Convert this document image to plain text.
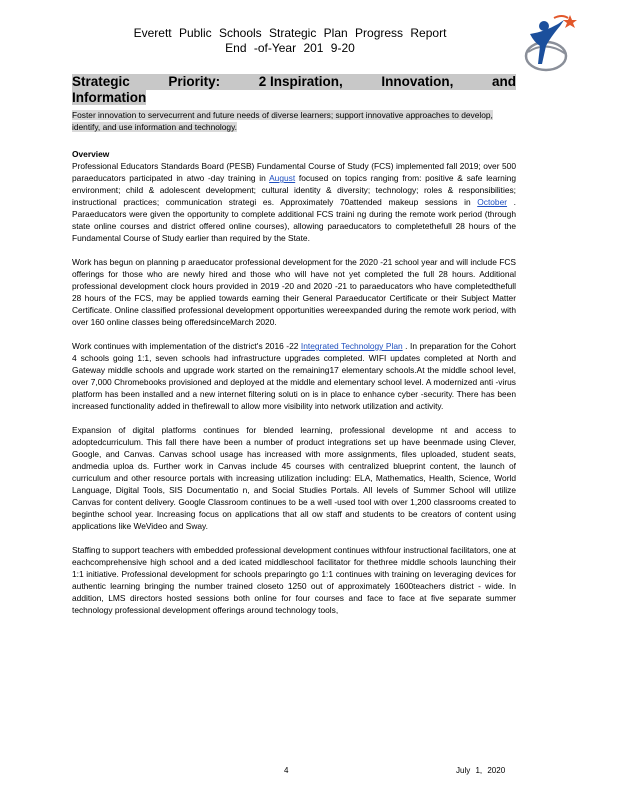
Everett Public Schools Strategic Plan Progress Report
End -of-Year 201 9-20
Strategic	Priority:	2 Inspiration,	Innovation,	and
Information
Foster innovation to servecurrent and future needs of diverse learners; support innovative approaches to develop, identify, and use information and technology.
Overview

Professional Educators Standards Board (PESB) Fundamental Course of Study (FCS) implemented fall 2019; over 500 paraeducators participated in atwo -day training in August focused on topics ranging from: positive & safe learning environment; child & adolescent development; cultural identity & diversity; technology; roles & responsibilities; instructional practices; communication strategi es. Approximately 70attended makeup sessions in October . Paraeducators were given the opportunity to complete additional FCS traini ng during the remote work period (through state online courses and district offered online courses), allowing paraeducators to completethefull 28 hours of the Fundamental Course of Study earlier than required by the State.

Work has begun on planning p araeducator professional development for the 2020 -21 school year and will include FCS offerings for those who are newly hired and those who will have not yet completed the full 28 hours. Additional professional development clock hours provided in 2019 -20 and 2020 -21 to paraeducators who have completedthefull 28 hours of the FCS, may be applied towards earning their General Paraeducator Certificate or their Subject Matter Certificate. Online classified professional development opportunities wereexpanded during the remote work period, with over 160 online classes being offeredsinceMarch 2020.

Work continues with implementation of the district's 2016 -22 Integrated Technology Plan . In preparation for the Cohort 4 schools going 1:1, seven schools had infrastructure upgrades completed. WIFI updates completed at North and Gateway middle schools and upgrade work started on the remaining17 elementary schools.At the middle school level, over 7,000 Chromebooks provisioned and deployed at the middle and elementary school level. A modernized anti -virus platform has been installed and a new internet filtering soluti on is in place to enhance cyber -security. There has been increased functionality added in thefirewall to allow more visibility into network utilization and activity.

Expansion of digital platforms continues for blended learning, professional developme nt and access to adoptedcurriculum. This fall there have been a number of product integrations set up have beenmade using Clever, Google, and Canvas. Canvas school usage has increased with more assignments, files uploaded, student seats, andmedia uploa ds. Further work in Canvas include 45 courses with centralized blueprint content, the launch of curriculum and other resource portals with increasing utilization including: ELA, Mathematics, Health, Science, World Language, Digital Tools, SIS Documentatio n, and Social Studies Portals. All levels of Summer School will utilize Canvas for content delivery. Google Classroom continues to be a well -used tool with over 1,200 classrooms created to beginthe school year. Increasing focus on applications that all ow staff and students to be creators of content using applications like WeVideo and Sway.

Staffing to support teachers with embedded professional development continues withfour instructional facilitators, one at eachcomprehensive high school and a ded icated middleschool facilitator for thethree middle schools launching their 1:1 initiative. Professional development for schools preparingto go 1:1 continues with training on leveraging devices for authentic learning bringing the number trained closeto 1250 out of approximately 1600teachers district - wide. In addition, LMS directors hosted sessions both online for four courses and face to face at five separate summer technology professional development offerings around technology tools,

4	July 1, 2020
